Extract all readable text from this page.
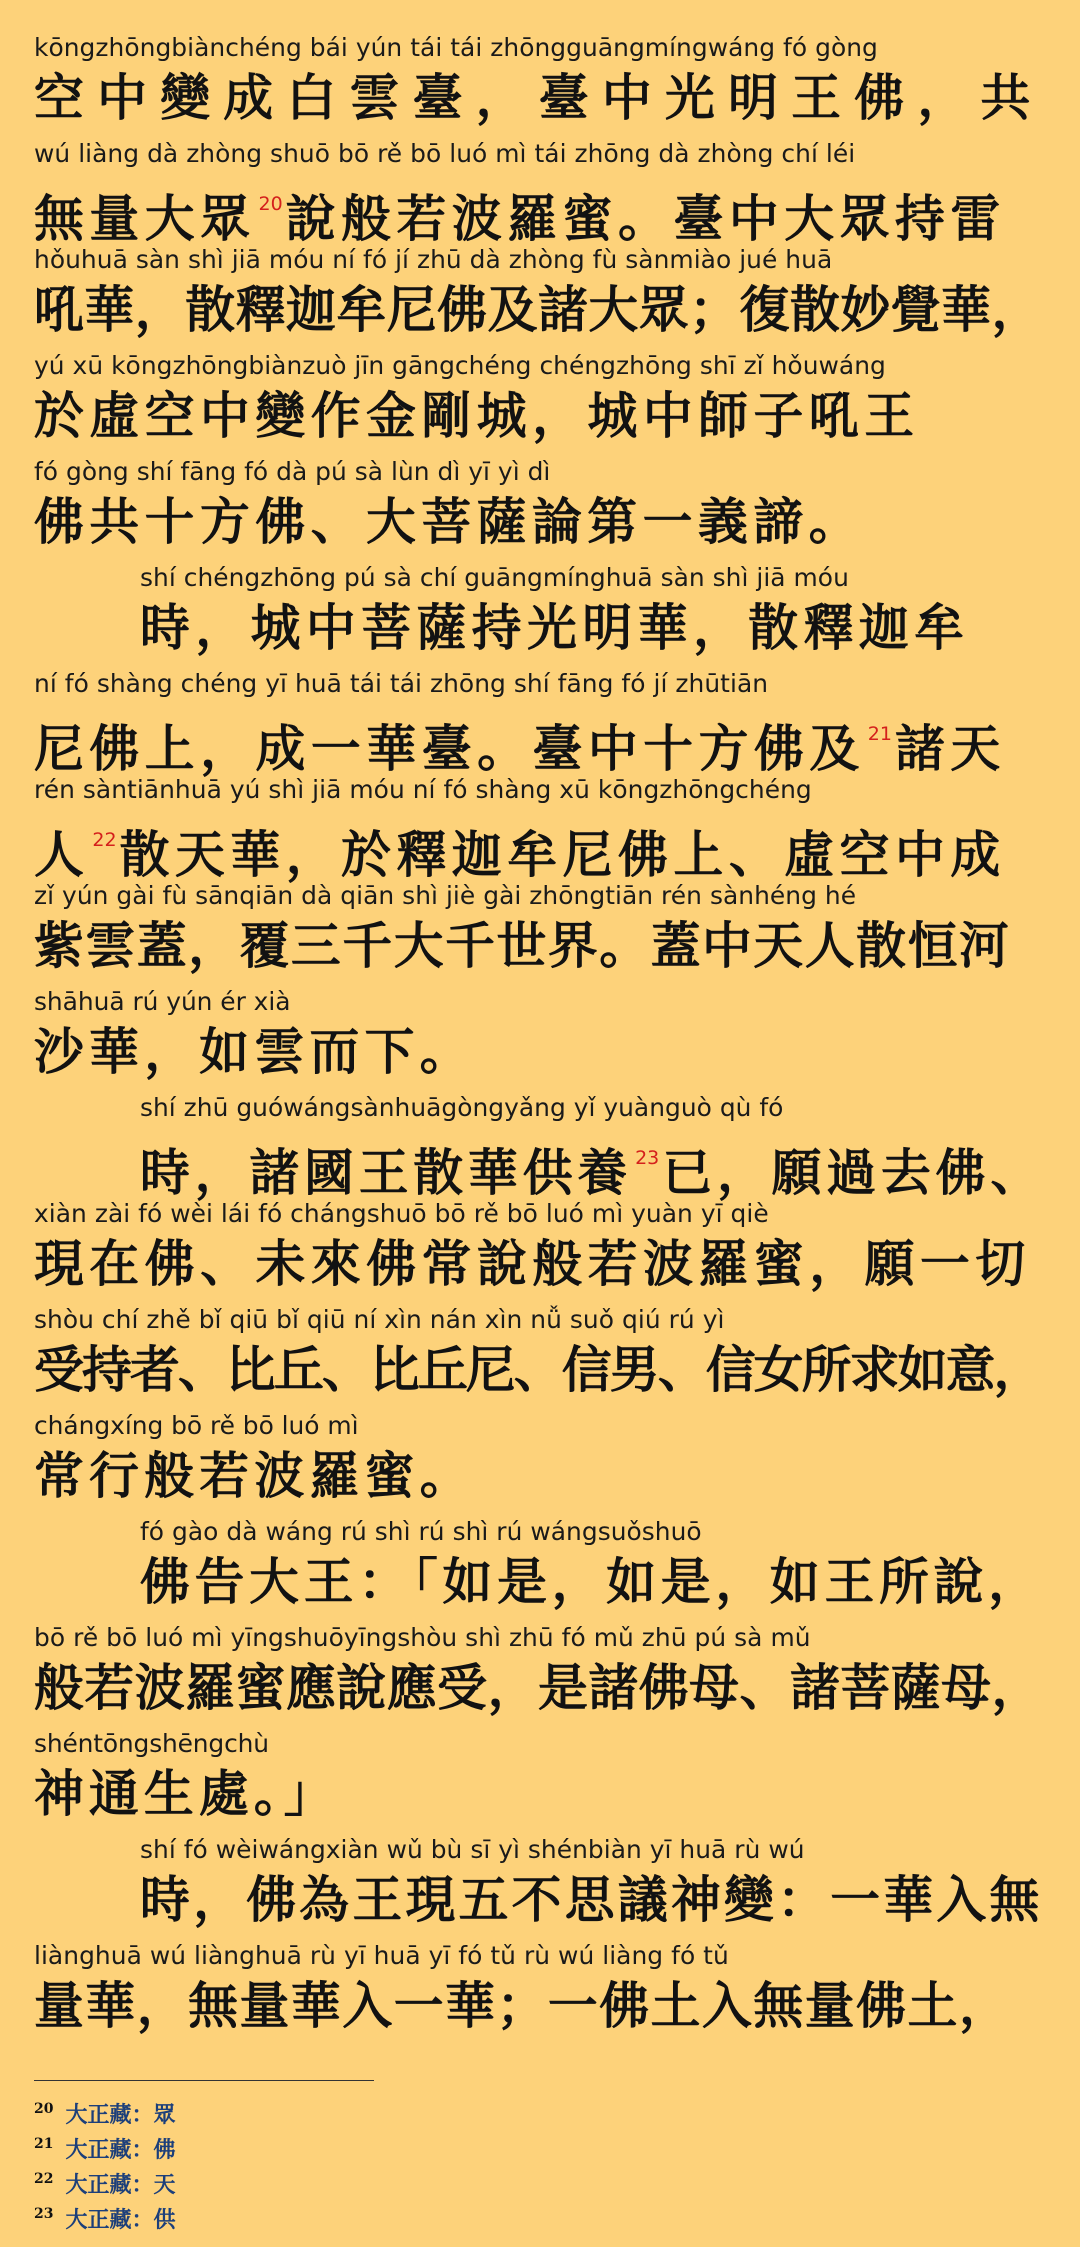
kōngzhōngbiànchéng bái yún tái tái zhōngguāngmíngwáng fó gòng
空中變成白雲臺，臺中光明王佛，共
wú liàng dà zhòng shuō bō rě bō luó mì tái zhōng dà zhòng chí léi
無量大眾 $^{20}$說般若波羅蜜。臺中大眾持雷
hǒuhuā sàn shì jiā móu ní fó jí zhū dà zhòng fù sànmiào jué huā
吼華，散釋迦牟尼佛及諸大眾；復散妙覺華，
yú xū kōngzhōngbiànzuò jīn gāngchéng chéngzhōng shī zǐ hǒuwáng
於虛空中變作金剛城，城中師子吼王
fó gòng shí fāng fó dà pú sà lùn dì yī yì dì
佛共十方佛、大菩薩論第一義諦。
shí chéngzhōng pú sà chí guāngmínghuā sàn shì jiā móu
時，城中菩薩持光明華，散釋迦牟
ní fó shàng chéng yī huā tái tái zhōng shí fāng fó jí zhūtiān
尼佛上，成一華臺。臺中十方佛及 $^{21}$諸天
rén sàntiānhuā yú shì jiā móu ní fó shàng xū kōngzhōngchéng
人 $^{22}$散天華，於釋迦牟尼佛上、虛空中成
zǐ yún gài fù sānqiān dà qiān shì jiè gài zhōngtiān rén sànhéng hé
紫雲蓋，覆三千大千世界。蓋中天人散恒河
shāhuā rú yún ér xià
沙華，如雲而下。
shí zhū guówángsànhuāgòngyǎng yǐ yuànguò qù fó
時，諸國王散華供養 $^{23}$已，願過去佛、
xiàn zài fó wèi lái fó chángshuō bō rě bō luó mì yuàn yī qiè
現在佛、未來佛常說般若波羅蜜，願一切
shòu chí zhě bǐ qiū bǐ qiū ní xìn nán xìn nǚ suǒ qiú rú yì
受持者、比丘、比丘尼、信男、信女所求如意，
chángxíng bō rě bō luó mì
常行般若波羅蜜。
fó gào dà wáng rú shì rú shì rú wángsuǒshuō
佛告大王：「如是，如是，如王所說，
bō rě bō luó mì yīngshuōyīngshòu shì zhū fó mǔ zhū pú sà mǔ
般若波羅蜜應說應受，是諸佛母、諸菩薩母，
shéntōngshēngchù
神通生處。」
shí fó wèiwángxiàn wǔ bù sī yì shénbiàn yī huā rù wú
時，佛為王現五不思議神變：一華入無
liànghuā wú liànghuā rù yī huā yī fó tǔ rù wú liàng fó tǔ
量華，無量華入一華；一佛土入無量佛土，
$^{20}$ 大正藏：眾
$^{21}$ 大正藏：佛
$^{22}$ 大正藏：天
$^{23}$ 大正藏：供
